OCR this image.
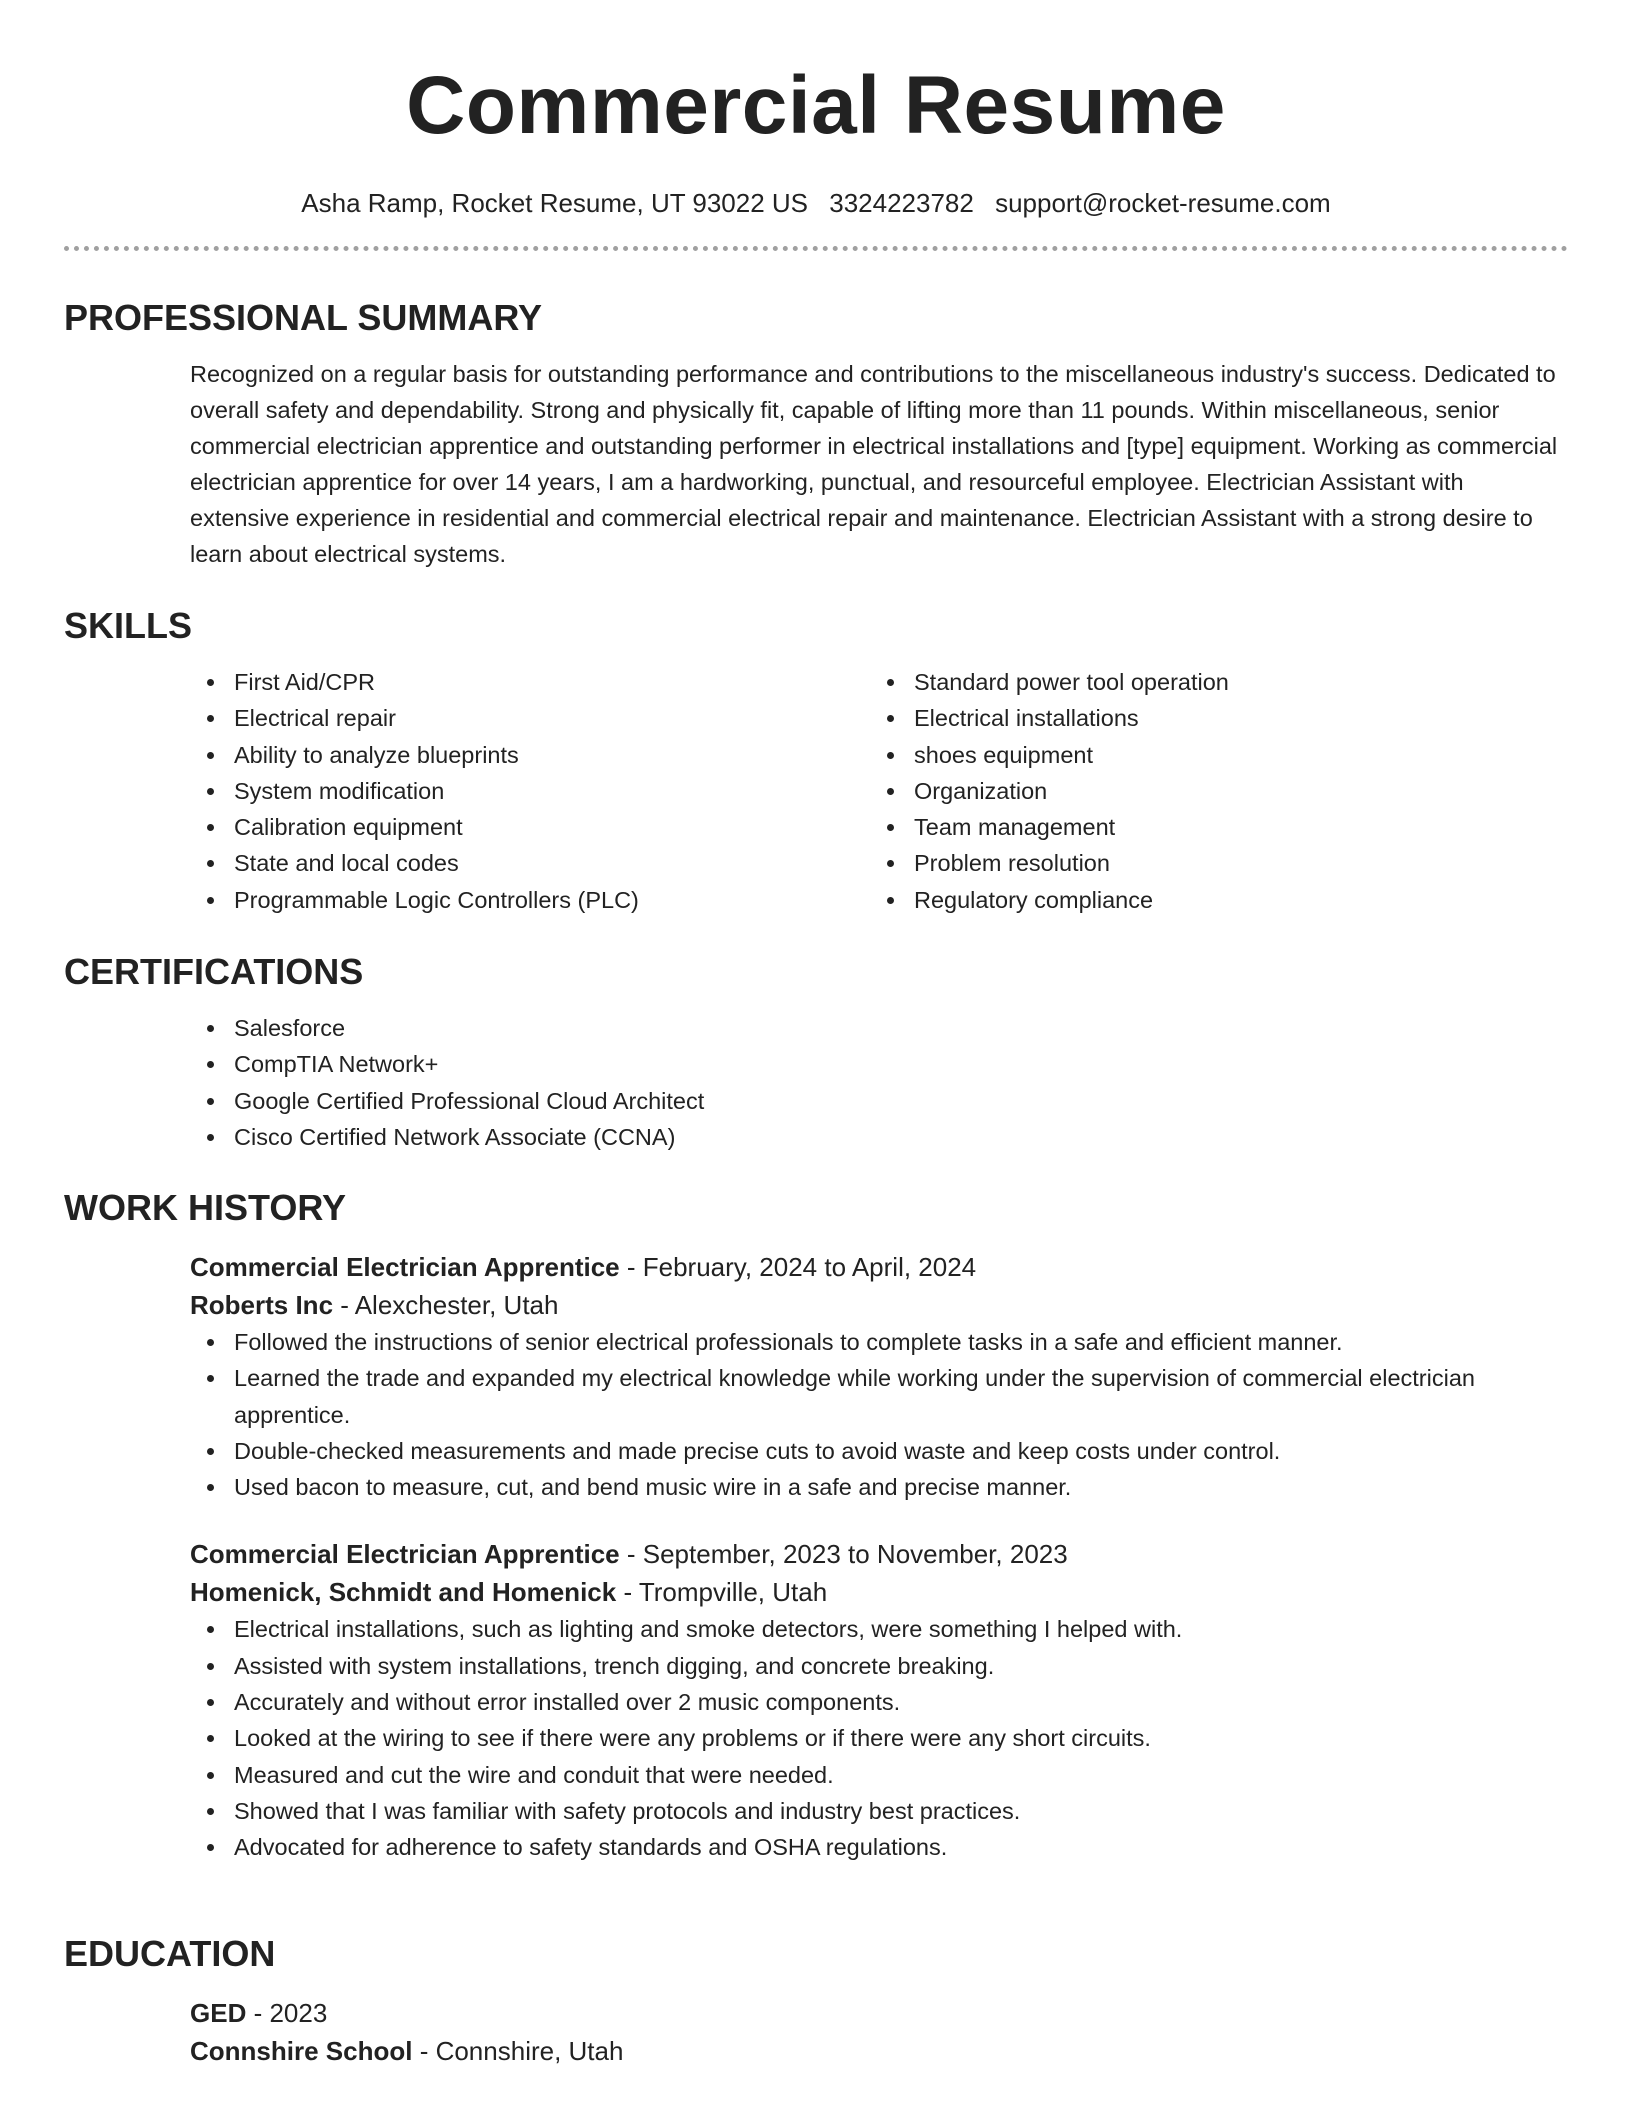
Commercial Resume
Asha Ramp, Rocket Resume, UT 93022 US 3324223782 support@rocket-resume.com
PROFESSIONAL SUMMARY
Recognized on a regular basis for outstanding performance and contributions to the miscellaneous industry's success. Dedicated to overall safety and dependability. Strong and physically fit, capable of lifting more than 11 pounds. Within miscellaneous, senior commercial electrician apprentice and outstanding performer in electrical installations and [type] equipment. Working as commercial electrician apprentice for over 14 years, I am a hardworking, punctual, and resourceful employee. Electrician Assistant with extensive experience in residential and commercial electrical repair and maintenance. Electrician Assistant with a strong desire to learn about electrical systems.
SKILLS
First Aid/CPR
Electrical repair
Ability to analyze blueprints
System modification
Calibration equipment
State and local codes
Programmable Logic Controllers (PLC)
Standard power tool operation
Electrical installations
shoes equipment
Organization
Team management
Problem resolution
Regulatory compliance
CERTIFICATIONS
Salesforce
CompTIA Network+
Google Certified Professional Cloud Architect
Cisco Certified Network Associate (CCNA)
WORK HISTORY
Commercial Electrician Apprentice - February, 2024 to April, 2024
Roberts Inc - Alexchester, Utah
Followed the instructions of senior electrical professionals to complete tasks in a safe and efficient manner.
Learned the trade and expanded my electrical knowledge while working under the supervision of commercial electrician apprentice.
Double-checked measurements and made precise cuts to avoid waste and keep costs under control.
Used bacon to measure, cut, and bend music wire in a safe and precise manner.
Commercial Electrician Apprentice - September, 2023 to November, 2023
Homenick, Schmidt and Homenick - Trompville, Utah
Electrical installations, such as lighting and smoke detectors, were something I helped with.
Assisted with system installations, trench digging, and concrete breaking.
Accurately and without error installed over 2 music components.
Looked at the wiring to see if there were any problems or if there were any short circuits.
Measured and cut the wire and conduit that were needed.
Showed that I was familiar with safety protocols and industry best practices.
Advocated for adherence to safety standards and OSHA regulations.
EDUCATION
GED - 2023
Connshire School - Connshire, Utah
